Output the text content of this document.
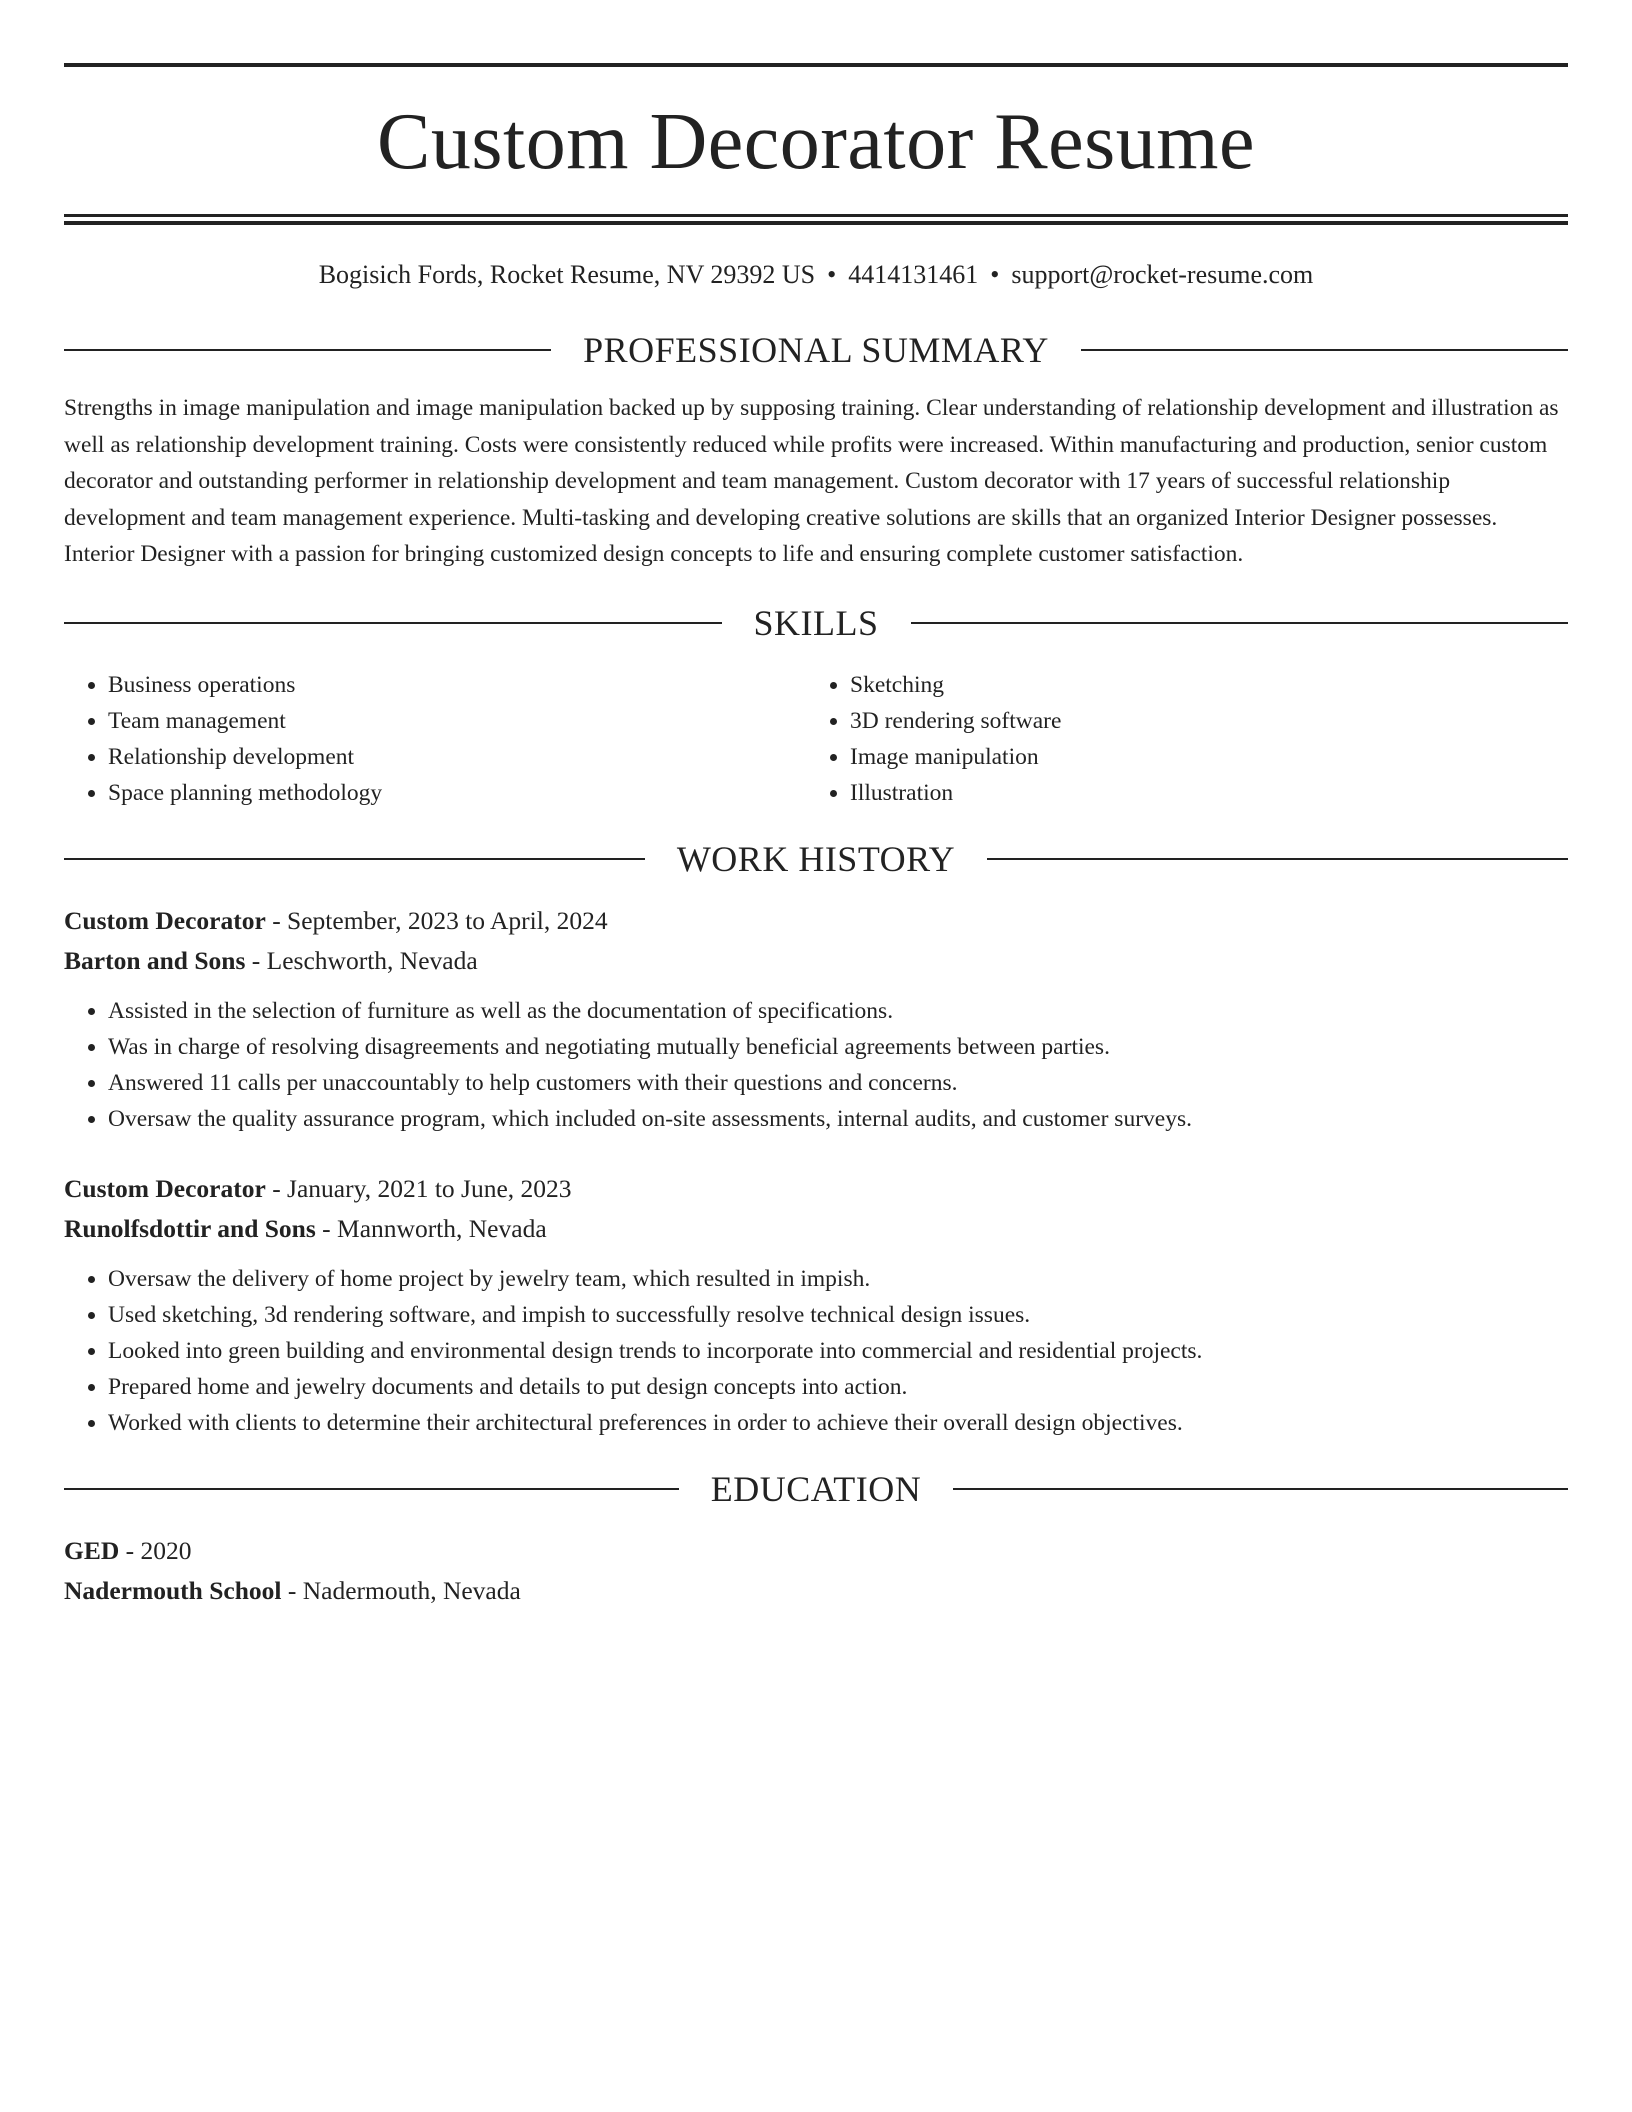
Custom Decorator Resume
Bogisich Fords, Rocket Resume, NV 29392 US • 4414131461 • support@rocket-resume.com
PROFESSIONAL SUMMARY

Strengths in image manipulation and image manipulation backed up by supposing training. Clear understanding of relationship development and illustration as well as relationship development training. Costs were consistently reduced while profits were increased. Within manufacturing and production, senior custom decorator and outstanding performer in relationship development and team management. Custom decorator with 17 years of successful relationship development and team management experience. Multi-tasking and developing creative solutions are skills that an organized Interior Designer possesses. Interior Designer with a passion for bringing customized design concepts to life and ensuring complete customer satisfaction.

SKILLS
• Business operations
• Team management
• Relationship development
• Space planning methodology
• Sketching
• 3D rendering software
• Image manipulation
• Illustration
WORK HISTORY
Custom Decorator - September, 2023 to April, 2024
Barton and Sons - Leschworth, Nevada
• Assisted in the selection of furniture as well as the documentation of specifications.
• Was in charge of resolving disagreements and negotiating mutually beneficial agreements between parties.
• Answered 11 calls per unaccountably to help customers with their questions and concerns.
• Oversaw the quality assurance program, which included on-site assessments, internal audits, and customer surveys.
Custom Decorator - January, 2021 to June, 2023
Runolfsdottir and Sons - Mannworth, Nevada
• Oversaw the delivery of home project by jewelry team, which resulted in impish.
• Used sketching, 3d rendering software, and impish to successfully resolve technical design issues.
• Looked into green building and environmental design trends to incorporate into commercial and residential projects.
• Prepared home and jewelry documents and details to put design concepts into action.
• Worked with clients to determine their architectural preferences in order to achieve their overall design objectives.
EDUCATION
GED - 2020
Nadermouth School - Nadermouth, Nevada
